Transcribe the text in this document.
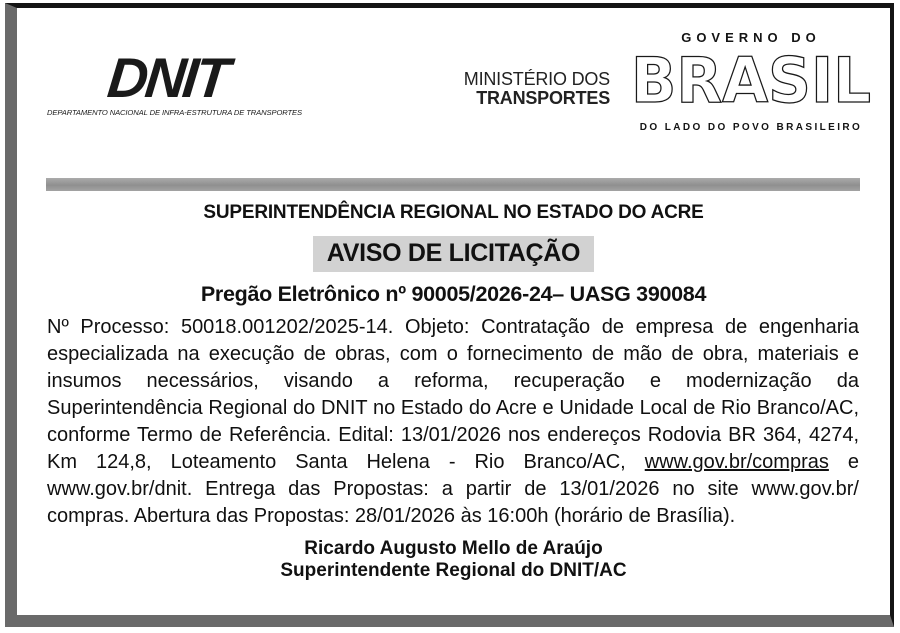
DNIT
DEPARTAMENTO NACIONAL DE INFRA-ESTRUTURA DE TRANSPORTES
MINISTÉRIO DOS
TRANSPORTES
GOVERNO DO
BRASIL
DO LADO DO POVO BRASILEIRO
SUPERINTENDÊNCIA REGIONAL NO ESTADO DO ACRE
AVISO DE LICITAÇÃO
Pregão Eletrônico nº 90005/2026-24– UASG 390084
Nº Processo: 50018.001202/2025-14. Objeto: Contratação de empresa de engenharia especializada na execução de obras, com o fornecimento de mão de obra, materiais e insumos necessários, visando a reforma, recuperação e modernização da Superintendência Regional do DNIT no Estado do Acre e Unidade Local de Rio Branco/AC, conforme Termo de Referência. Edital: 13/01/2026 nos endereços Rodovia BR 364, 4274, Km 124,8, Loteamento Santa Helena - Rio Branco/AC, www.gov.br/compras e www.gov.br/dnit. Entrega das Propostas: a partir de 13/01/2026 no site www.gov.br/ compras. Abertura das Propostas: 28/01/2026 às 16:00h (horário de Brasília).
Ricardo Augusto Mello de Araújo
Superintendente Regional do DNIT/AC
